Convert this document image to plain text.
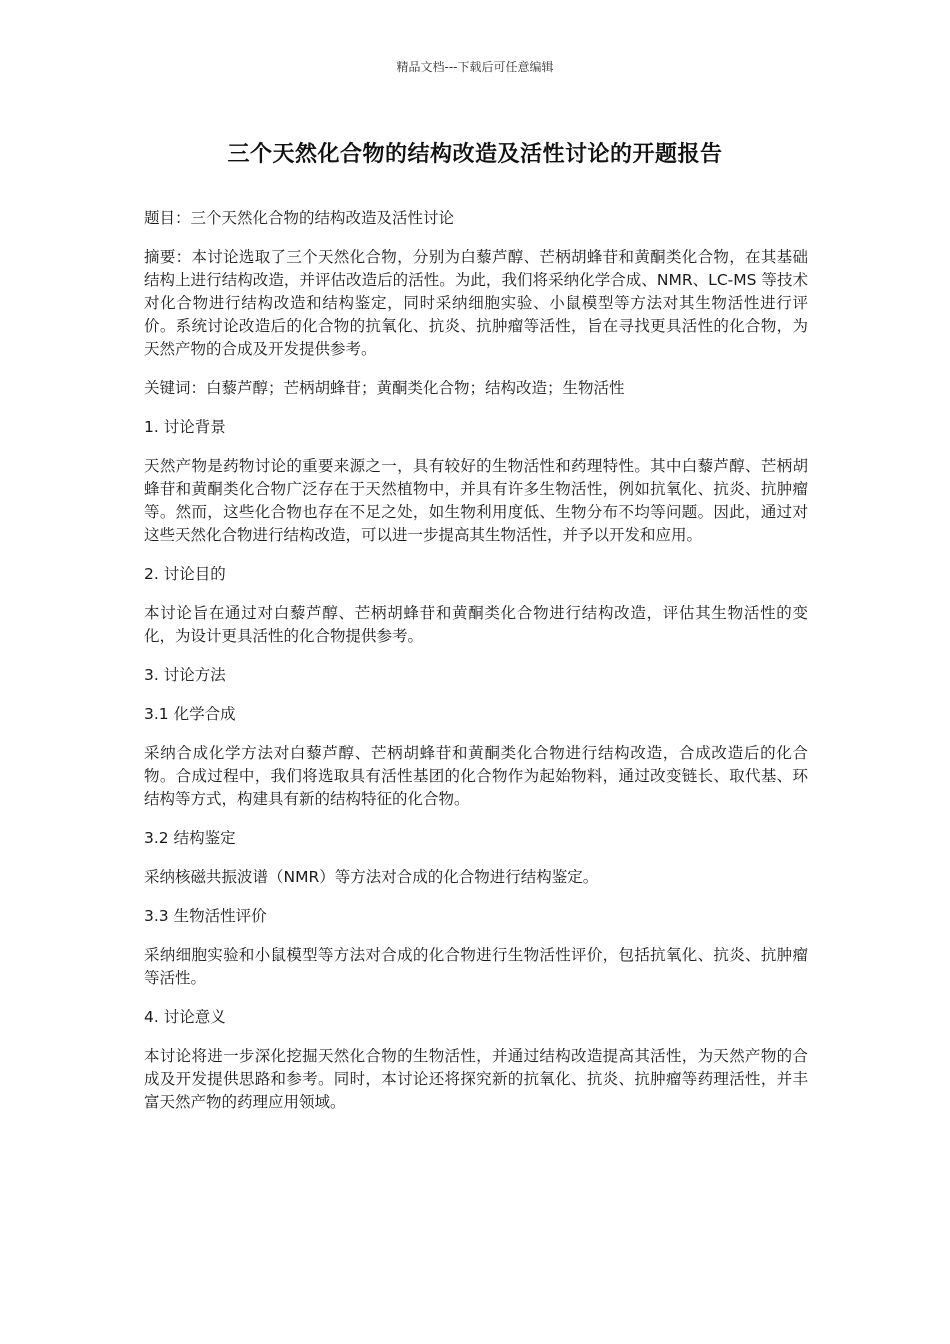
精品文档---下载后可任意编辑
三个天然化合物的结构改造及活性讨论的开题报告

题目：三个天然化合物的结构改造及活性讨论

摘要：本讨论选取了三个天然化合物，分别为白藜芦醇、芒柄胡蜂苷和黄酮类化合物，在其基础结构上进行结构改造，并评估改造后的活性。为此，我们将采纳化学合成、NMR、LC-MS 等技术对化合物进行结构改造和结构鉴定，同时采纳细胞实验、小鼠模型等方法对其生物活性进行评价。系统讨论改造后的化合物的抗氧化、抗炎、抗肿瘤等活性，旨在寻找更具活性的化合物，为天然产物的合成及开发提供参考。

关键词：白藜芦醇；芒柄胡蜂苷；黄酮类化合物；结构改造；生物活性

1. 讨论背景

天然产物是药物讨论的重要来源之一，具有较好的生物活性和药理特性。其中白藜芦醇、芒柄胡蜂苷和黄酮类化合物广泛存在于天然植物中，并具有许多生物活性，例如抗氧化、抗炎、抗肿瘤等。然而，这些化合物也存在不足之处，如生物利用度低、生物分布不均等问题。因此，通过对这些天然化合物进行结构改造，可以进一步提高其生物活性，并予以开发和应用。

2. 讨论目的

本讨论旨在通过对白藜芦醇、芒柄胡蜂苷和黄酮类化合物进行结构改造，评估其生物活性的变化，为设计更具活性的化合物提供参考。

3. 讨论方法

3.1 化学合成

采纳合成化学方法对白藜芦醇、芒柄胡蜂苷和黄酮类化合物进行结构改造，合成改造后的化合物。合成过程中，我们将选取具有活性基团的化合物作为起始物料，通过改变链长、取代基、环结构等方式，构建具有新的结构特征的化合物。

3.2 结构鉴定

采纳核磁共振波谱（NMR）等方法对合成的化合物进行结构鉴定。

3.3 生物活性评价

采纳细胞实验和小鼠模型等方法对合成的化合物进行生物活性评价，包括抗氧化、抗炎、抗肿瘤等活性。

4. 讨论意义

本讨论将进一步深化挖掘天然化合物的生物活性，并通过结构改造提高其活性，为天然产物的合成及开发提供思路和参考。同时，本讨论还将探究新的抗氧化、抗炎、抗肿瘤等药理活性，并丰富天然产物的药理应用领域。
